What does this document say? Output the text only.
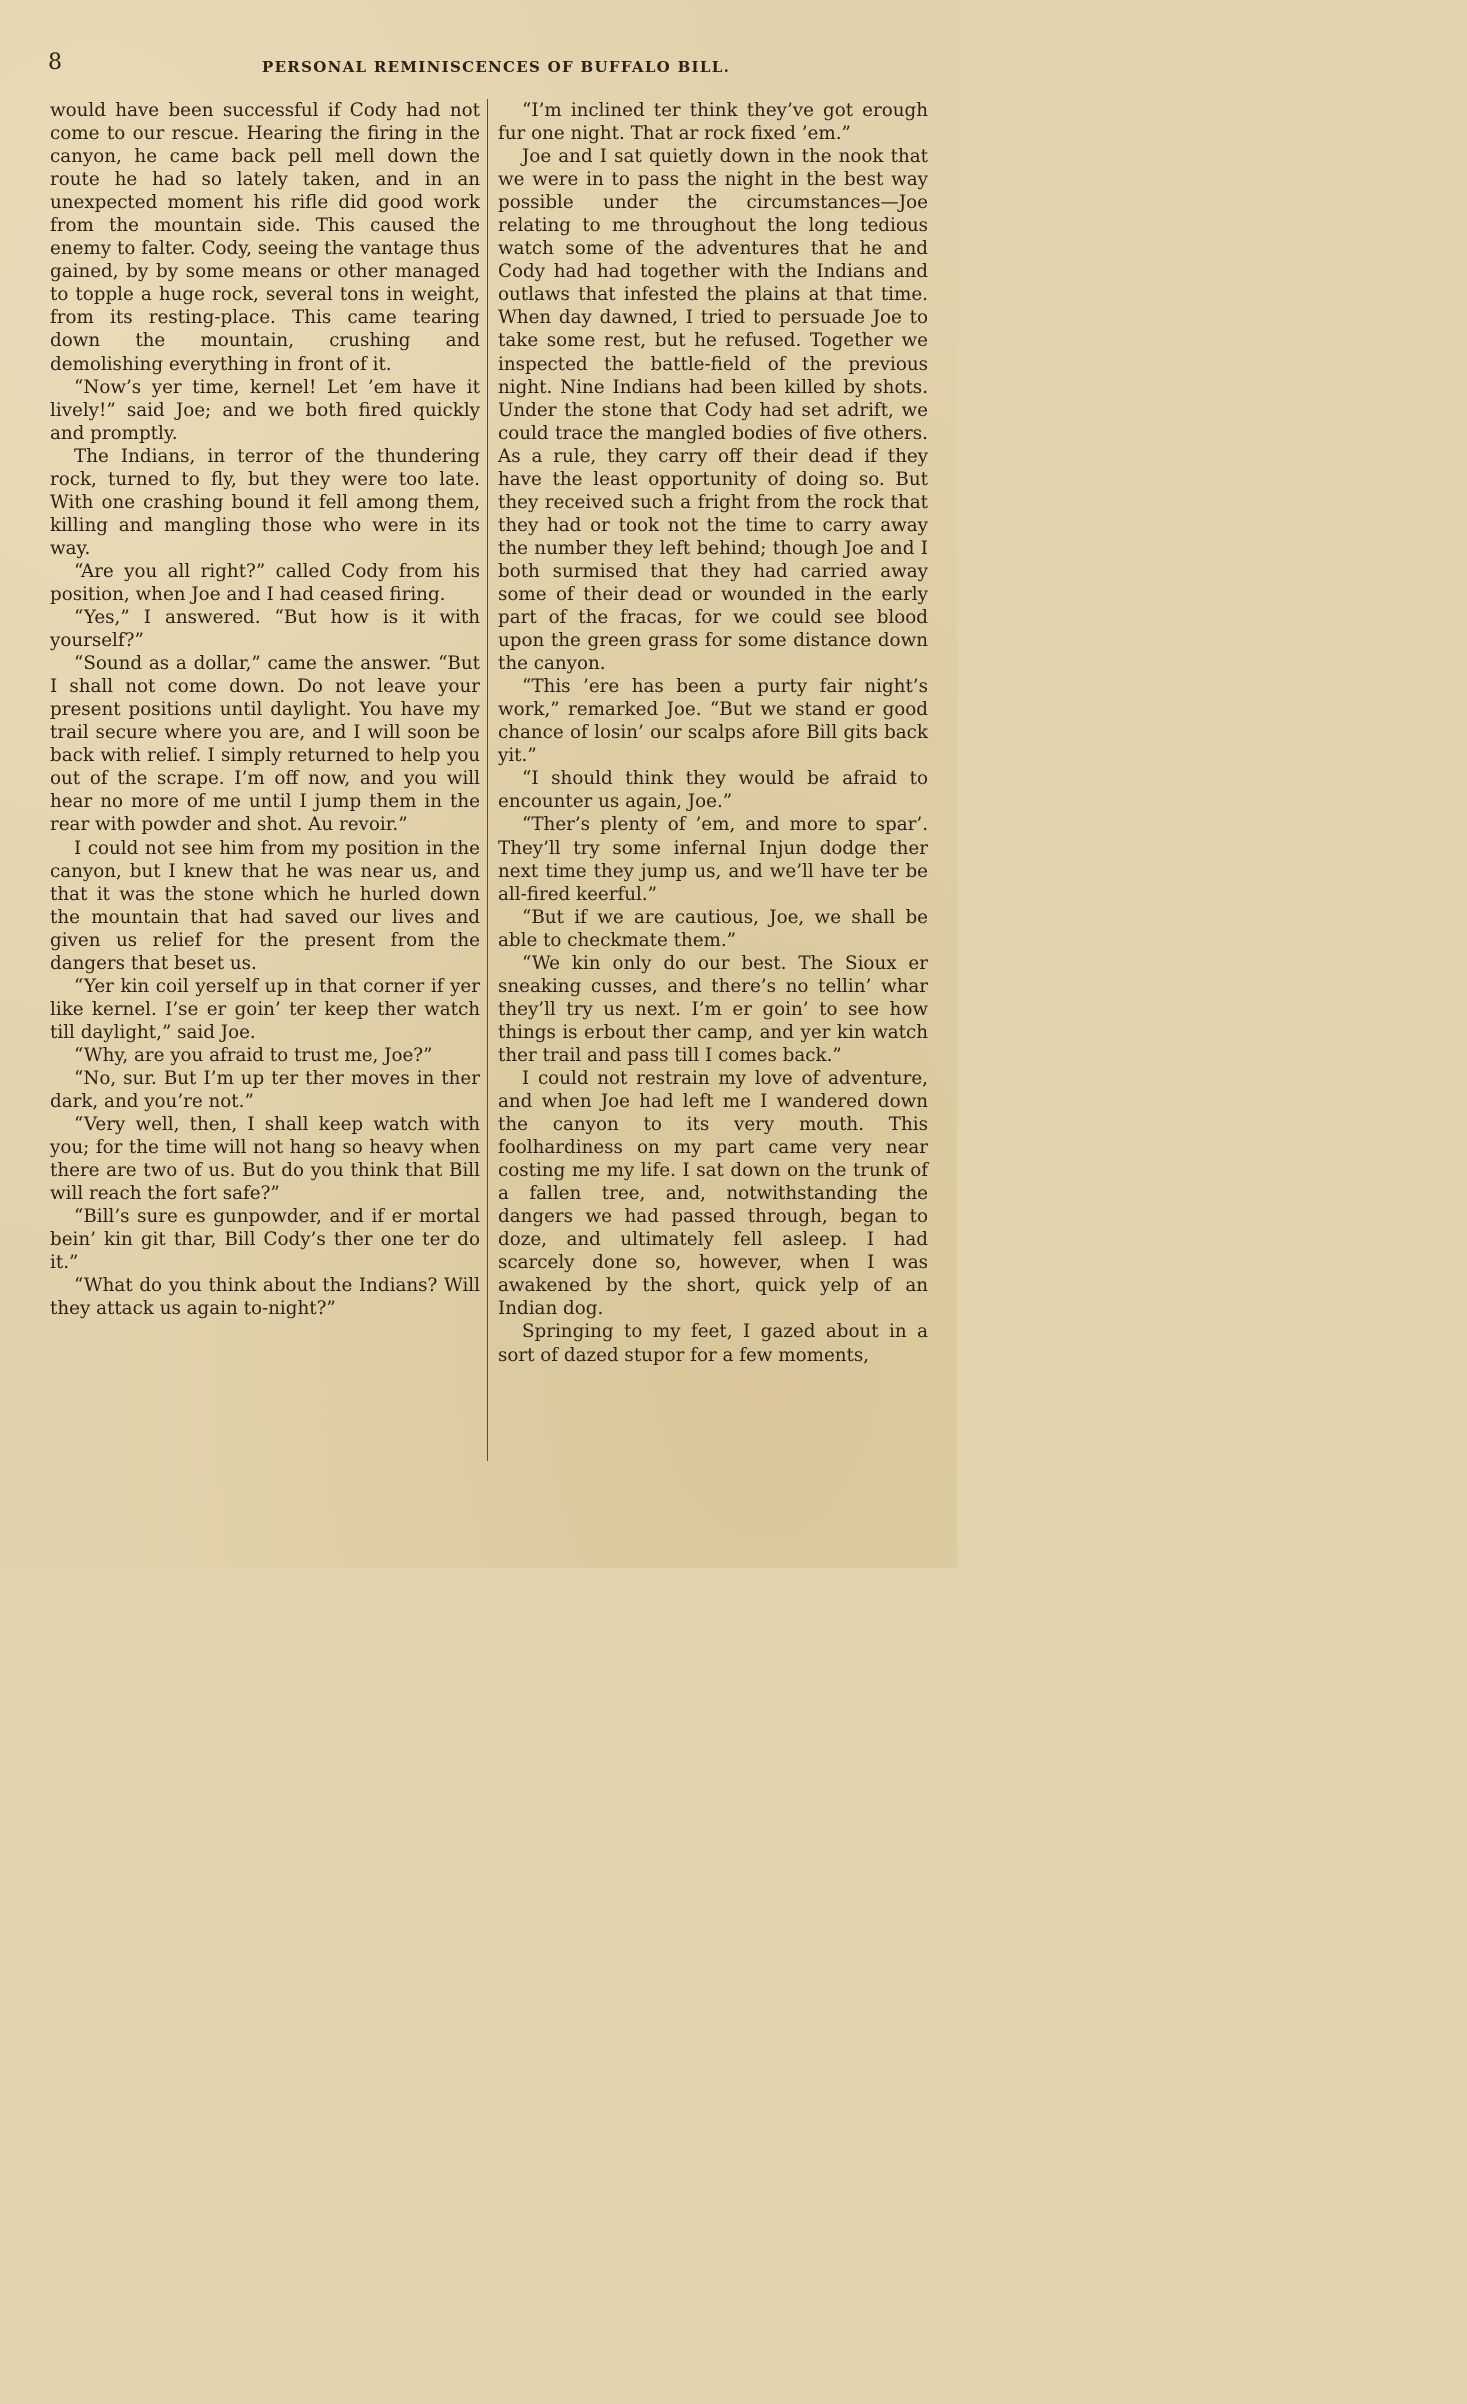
8	PERSONAL REMINISCENCES OF BUFFALO BILL.

would have been successful if Cody had not come to our rescue. Hearing the firing in the canyon, he came back pell mell down the route he had so lately taken, and in an unexpected moment his rifle did good work from the mountain side. This caused the enemy to falter. Cody, seeing the vantage thus gained, by by some means or other managed to topple a huge rock, several tons in weight, from its resting-place. This came tearing down the mountain, crushing and demolishing everything in front of it.

“Now’s yer time, kernel! Let ’em have it lively!” said Joe; and we both fired quickly and promptly.

The Indians, in terror of the thundering rock, turned to fly, but they were too late. With one crashing bound it fell among them, killing and mangling those who were in its way.

“Are you all right?” called Cody from his position, when Joe and I had ceased firing.

“Yes,” I answered. “But how is it with yourself?”

“Sound as a dollar,” came the answer. “But I shall not come down. Do not leave your present positions until daylight. You have my trail secure where you are, and I will soon be back with relief. I simply returned to help you out of the scrape. I’m off now, and you will hear no more of me until I jump them in the rear with powder and shot. Au revoir.”

I could not see him from my position in the canyon, but I knew that he was near us, and that it was the stone which he hurled down the mountain that had saved our lives and given us relief for the present from the dangers that beset us.

“Yer kin coil yerself up in that corner if yer like kernel. I’se er goin’ ter keep ther watch till daylight,” said Joe.

“Why, are you afraid to trust me, Joe?”

“No, sur. But I’m up ter ther moves in ther dark, and you’re not.”

“Very well, then, I shall keep watch with you; for the time will not hang so heavy when there are two of us. But do you think that Bill will reach the fort safe?”

“Bill’s sure es gunpowder, and if er mortal bein’ kin git thar, Bill Cody’s ther one ter do it.”

“What do you think about the Indians? Will they attack us again to-night?”

“I’m inclined ter think they’ve got erough fur one night. That ar rock fixed ’em.”

Joe and I sat quietly down in the nook that we were in to pass the night in the best way possible under the circumstances—Joe relating to me throughout the long tedious watch some of the adventures that he and Cody had had together with the Indians and outlaws that infested the plains at that time. When day dawned, I tried to persuade Joe to take some rest, but he refused. Together we inspected the battle-field of the previous night. Nine Indians had been killed by shots. Under the stone that Cody had set adrift, we could trace the mangled bodies of five others. As a rule, they carry off their dead if they have the least opportunity of doing so. But they received such a fright from the rock that they had or took not the time to carry away the number they left behind; though Joe and I both surmised that they had carried away some of their dead or wounded in the early part of the fracas, for we could see blood upon the green grass for some distance down the canyon.

“This ’ere has been a purty fair night’s work,” remarked Joe. “But we stand er good chance of losin’ our scalps afore Bill gits back yit.”

“I should think they would be afraid to encounter us again, Joe.”

“Ther’s plenty of ’em, and more to spar’. They’ll try some infernal Injun dodge ther next time they jump us, and we’ll have ter be all-fired keerful.”

“But if we are cautious, Joe, we shall be able to checkmate them.”

“We kin only do our best. The Sioux er sneaking cusses, and there’s no tellin’ whar they’ll try us next. I’m er goin’ to see how things is erbout ther camp, and yer kin watch ther trail and pass till I comes back.”

I could not restrain my love of adventure, and when Joe had left me I wandered down the canyon to its very mouth. This foolhardiness on my part came very near costing me my life. I sat down on the trunk of a fallen tree, and, notwithstanding the dangers we had passed through, began to doze, and ultimately fell asleep. I had scarcely done so, however, when I was awakened by the short, quick yelp of an Indian dog.

Springing to my feet, I gazed about in a sort of dazed stupor for a few moments,
